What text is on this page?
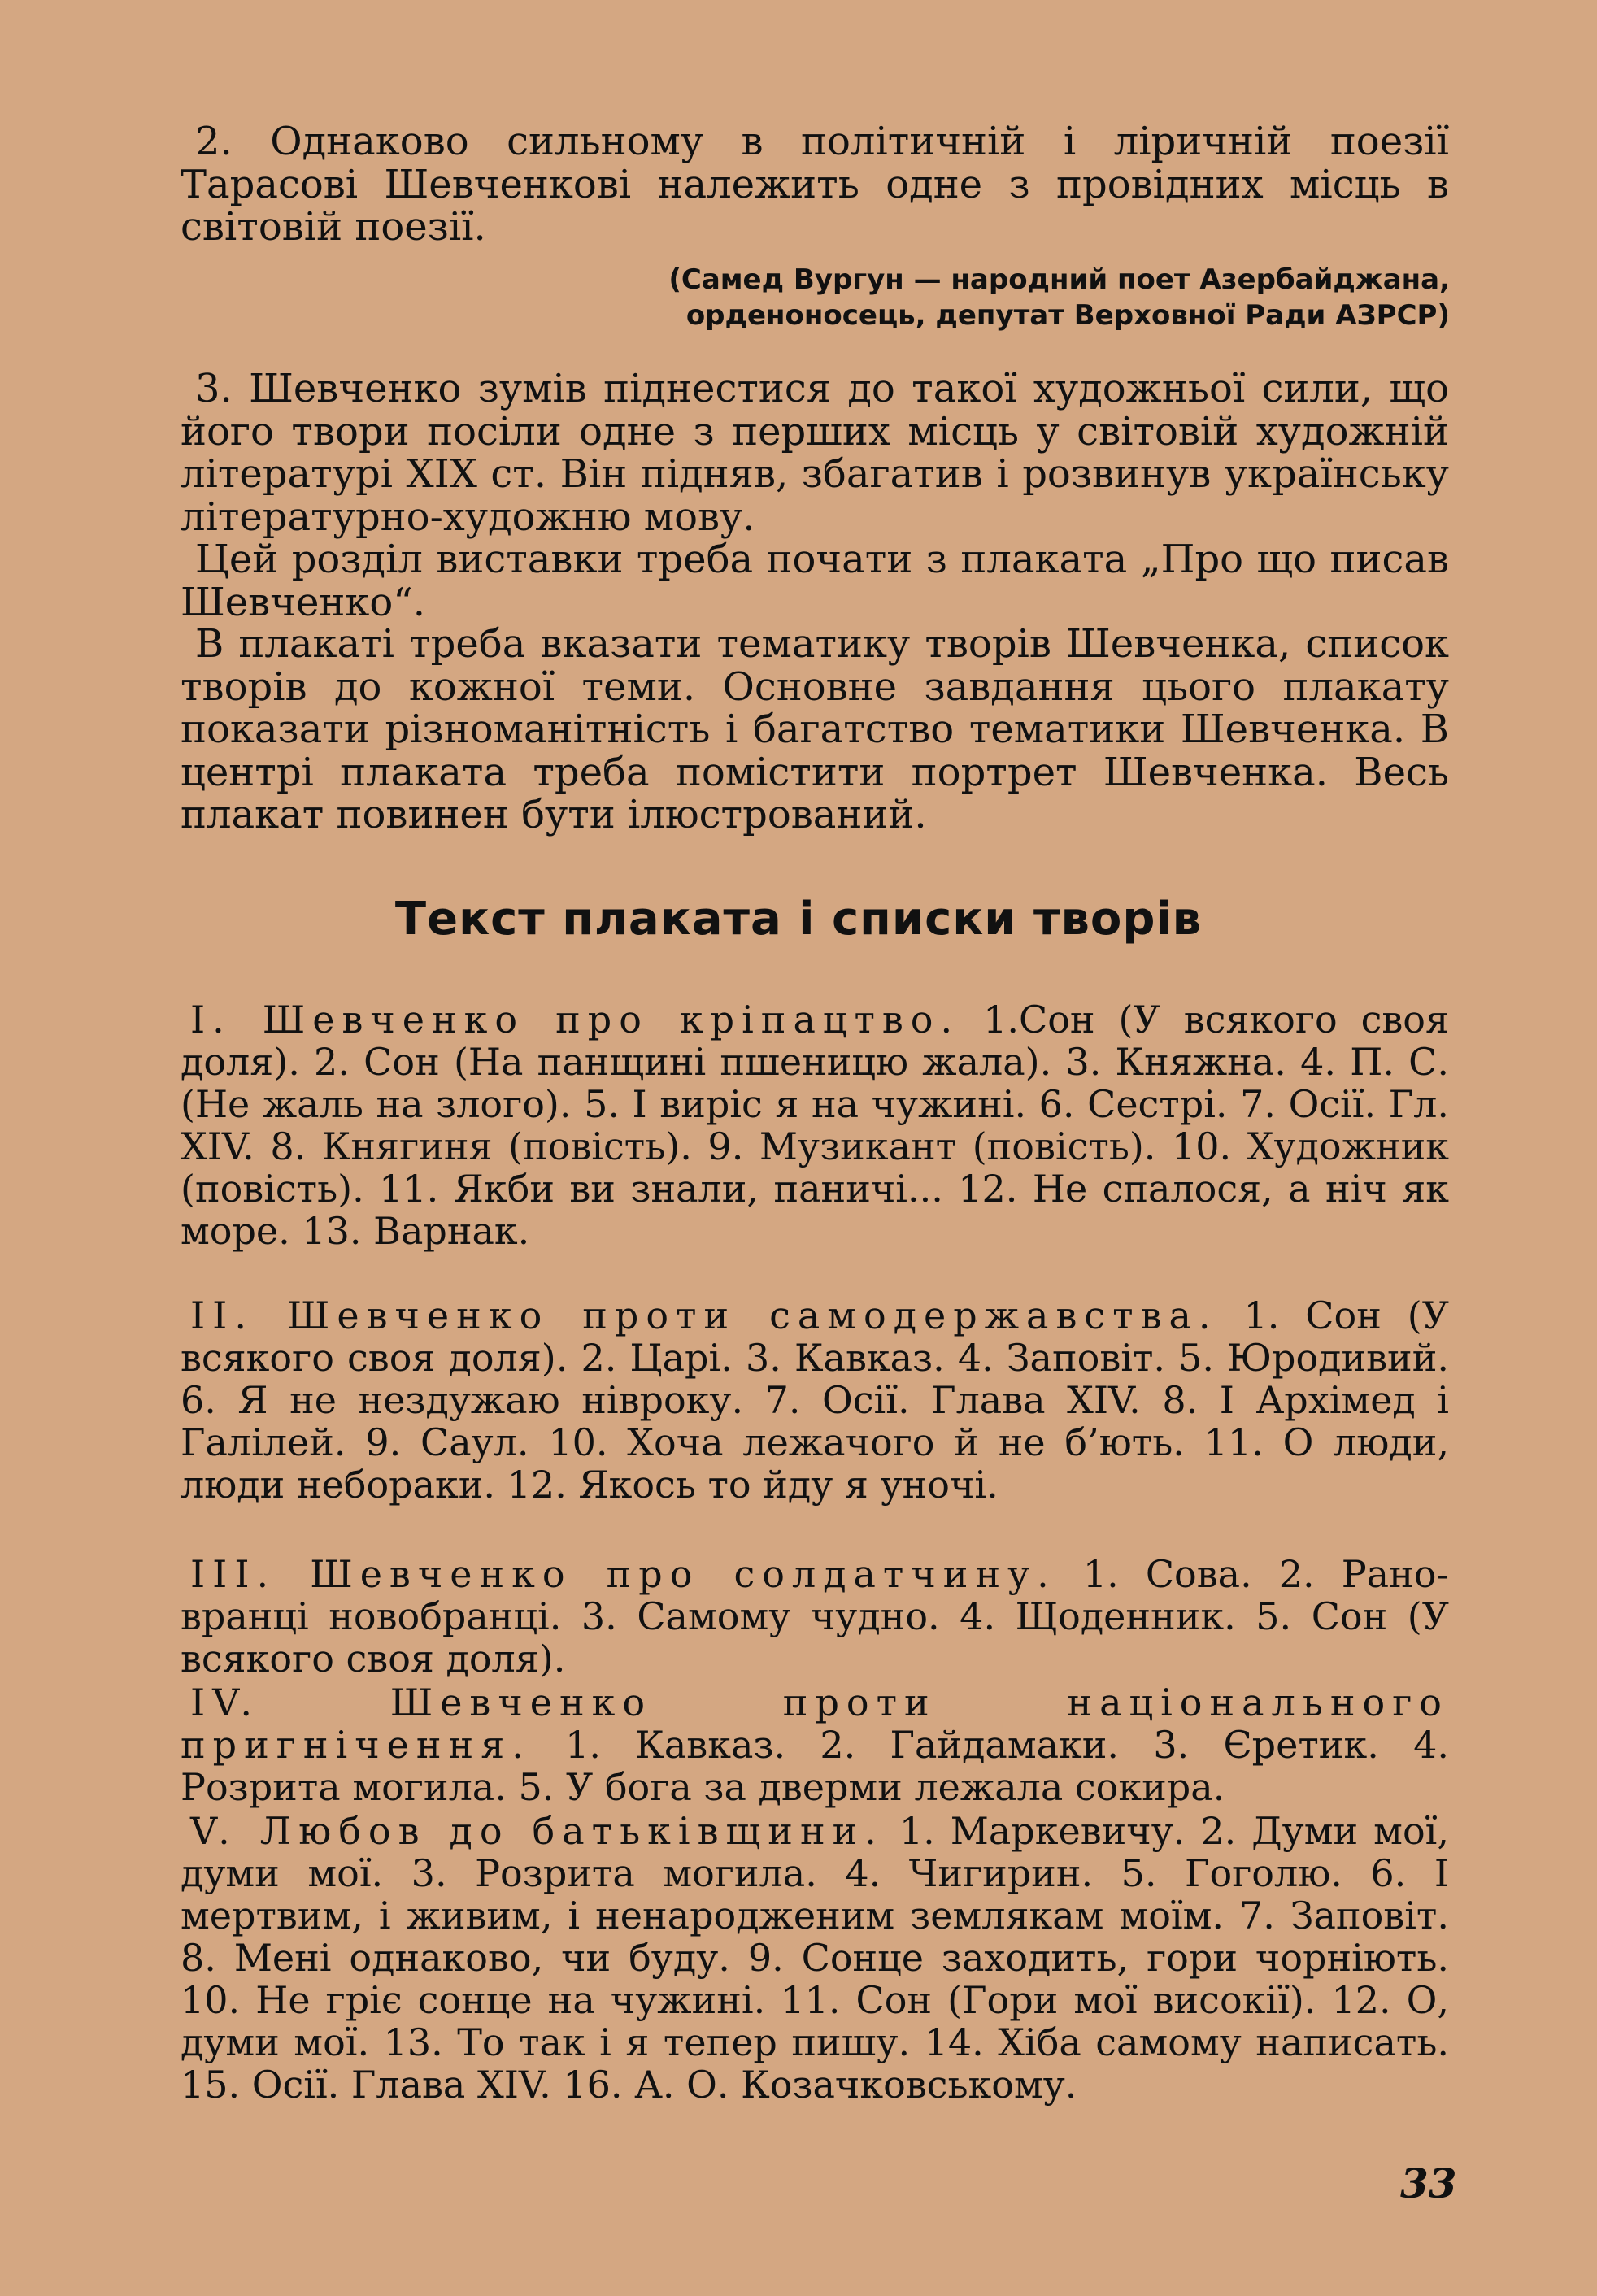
2. Однаково сильному в політичній і ліричній поезії Тарасові Шевченкові належить одне з провідних місць в світовій поезії.

(Самед Вургун — народний поет Азербайджана,

орденоносець, депутат Верховної Ради АЗРСР)

3. Шевченко зумів піднестися до такої художньої сили, що його твори посіли одне з перших місць у світовій художній літературі XIX ст. Він підняв, збагатив і розвинув українську літературно-художню мову.

Цей розділ виставки треба почати з плаката „Про що писав Шевченко“.

В плакаті треба вказати тематику творів Шевченка, список творів до кожної теми. Основне завдання цього плакату показати різноманітність і багатство тематики Шевченка. В центрі плаката треба помістити портрет Шевченка. Весь плакат повинен бути ілюстрований.

Текст плаката і списки творів

I. Шевченко про кріпацтво. 1.Сон (У всякого своя доля). 2. Сон (На панщині пшеницю жала). 3. Княжна. 4. П. С. (Не жаль на злого). 5. І виріс я на чужині. 6. Сестрі. 7. Осії. Гл. XIV. 8. Княгиня (повість). 9. Музикант (повість). 10. Художник (повість). 11. Якби ви знали, паничі... 12. Не спалося, а ніч як море. 13. Варнак.

II. Шевченко проти самодержавства. 1. Сон (У всякого своя доля). 2. Царі. 3. Кавказ. 4. Заповіт. 5. Юродивий. 6. Я не нездужаю нівроку. 7. Осії. Глава XIV. 8. І Архімед і Галілей. 9. Саул. 10. Хоча лежачого й не б’ють. 11. О люди, люди небораки. 12. Якось то йду я уночі.

III. Шевченко про солдатчину. 1. Сова. 2. Рано-вранці новобранці. 3. Самому чудно. 4. Щоденник. 5. Сон (У всякого своя доля).

IV. Шевченко проти національного пригнічення. 1. Кавказ. 2. Гайдамаки. 3. Єретик. 4. Розрита могила. 5. У бога за дверми лежала сокира.

V. Любов до батьківщини. 1. Маркевичу. 2. Думи мої, думи мої. 3. Розрита могила. 4. Чигирин. 5. Гоголю. 6. І мертвим, і живим, і ненародженим землякам моїм. 7. Заповіт. 8. Мені однаково, чи буду. 9. Сонце заходить, гори чорніють. 10. Не гріє сонце на чужині. 11. Сон (Гори мої високії). 12. О, думи мої. 13. То так і я тепер пишу. 14. Хіба самому написать. 15. Осії. Глава XIV. 16. А. О. Козачковському.

33
